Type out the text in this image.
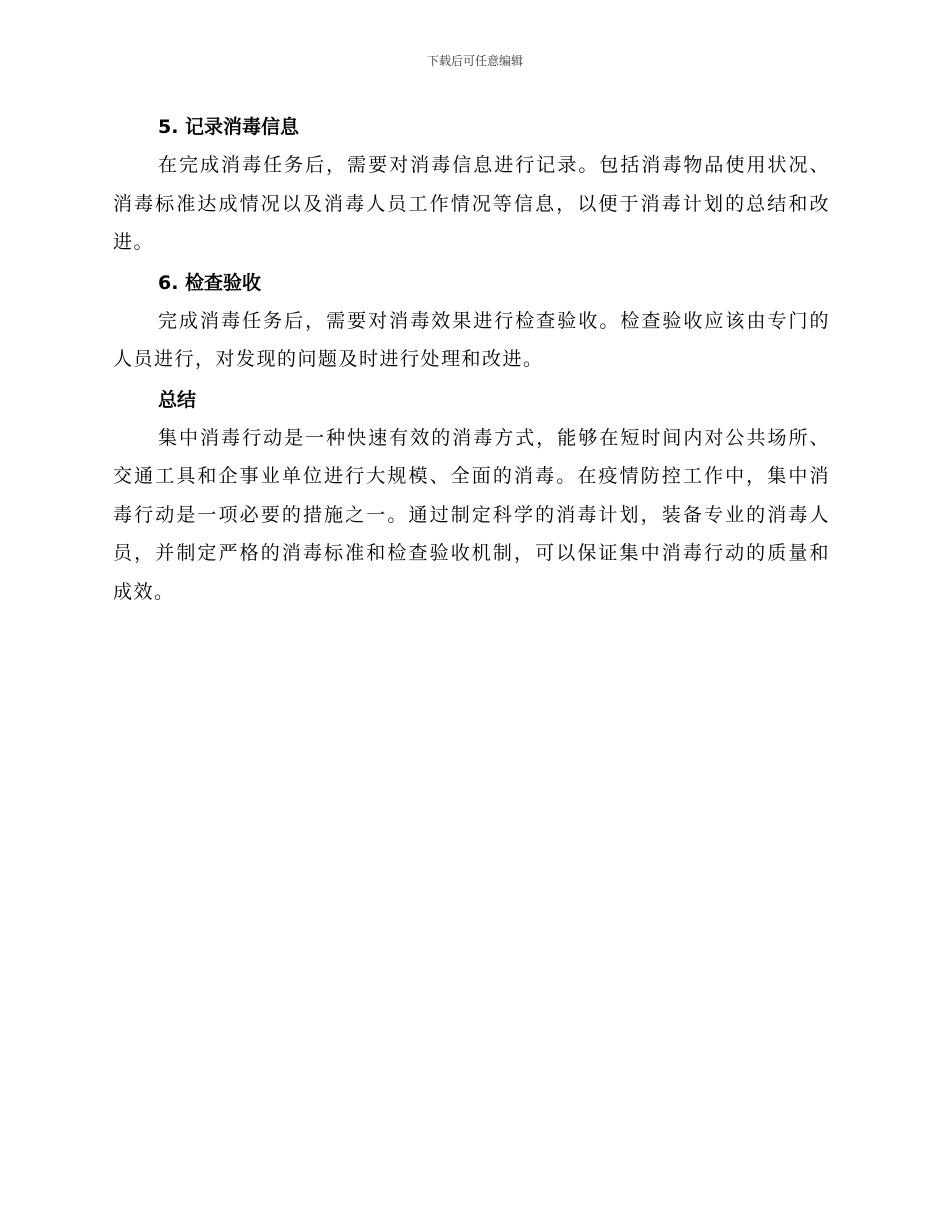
下载后可任意编辑
5. 记录消毒信息

在完成消毒任务后，需要对消毒信息进行记录。包括消毒物品使用状况、消毒标准达成情况以及消毒人员工作情况等信息，以便于消毒计划的总结和改进。

6. 检查验收

完成消毒任务后，需要对消毒效果进行检查验收。检查验收应该由专门的人员进行，对发现的问题及时进行处理和改进。

总结

集中消毒行动是一种快速有效的消毒方式，能够在短时间内对公共场所、交通工具和企事业单位进行大规模、全面的消毒。在疫情防控工作中，集中消毒行动是一项必要的措施之一。通过制定科学的消毒计划，装备专业的消毒人员，并制定严格的消毒标准和检查验收机制，可以保证集中消毒行动的质量和成效。
